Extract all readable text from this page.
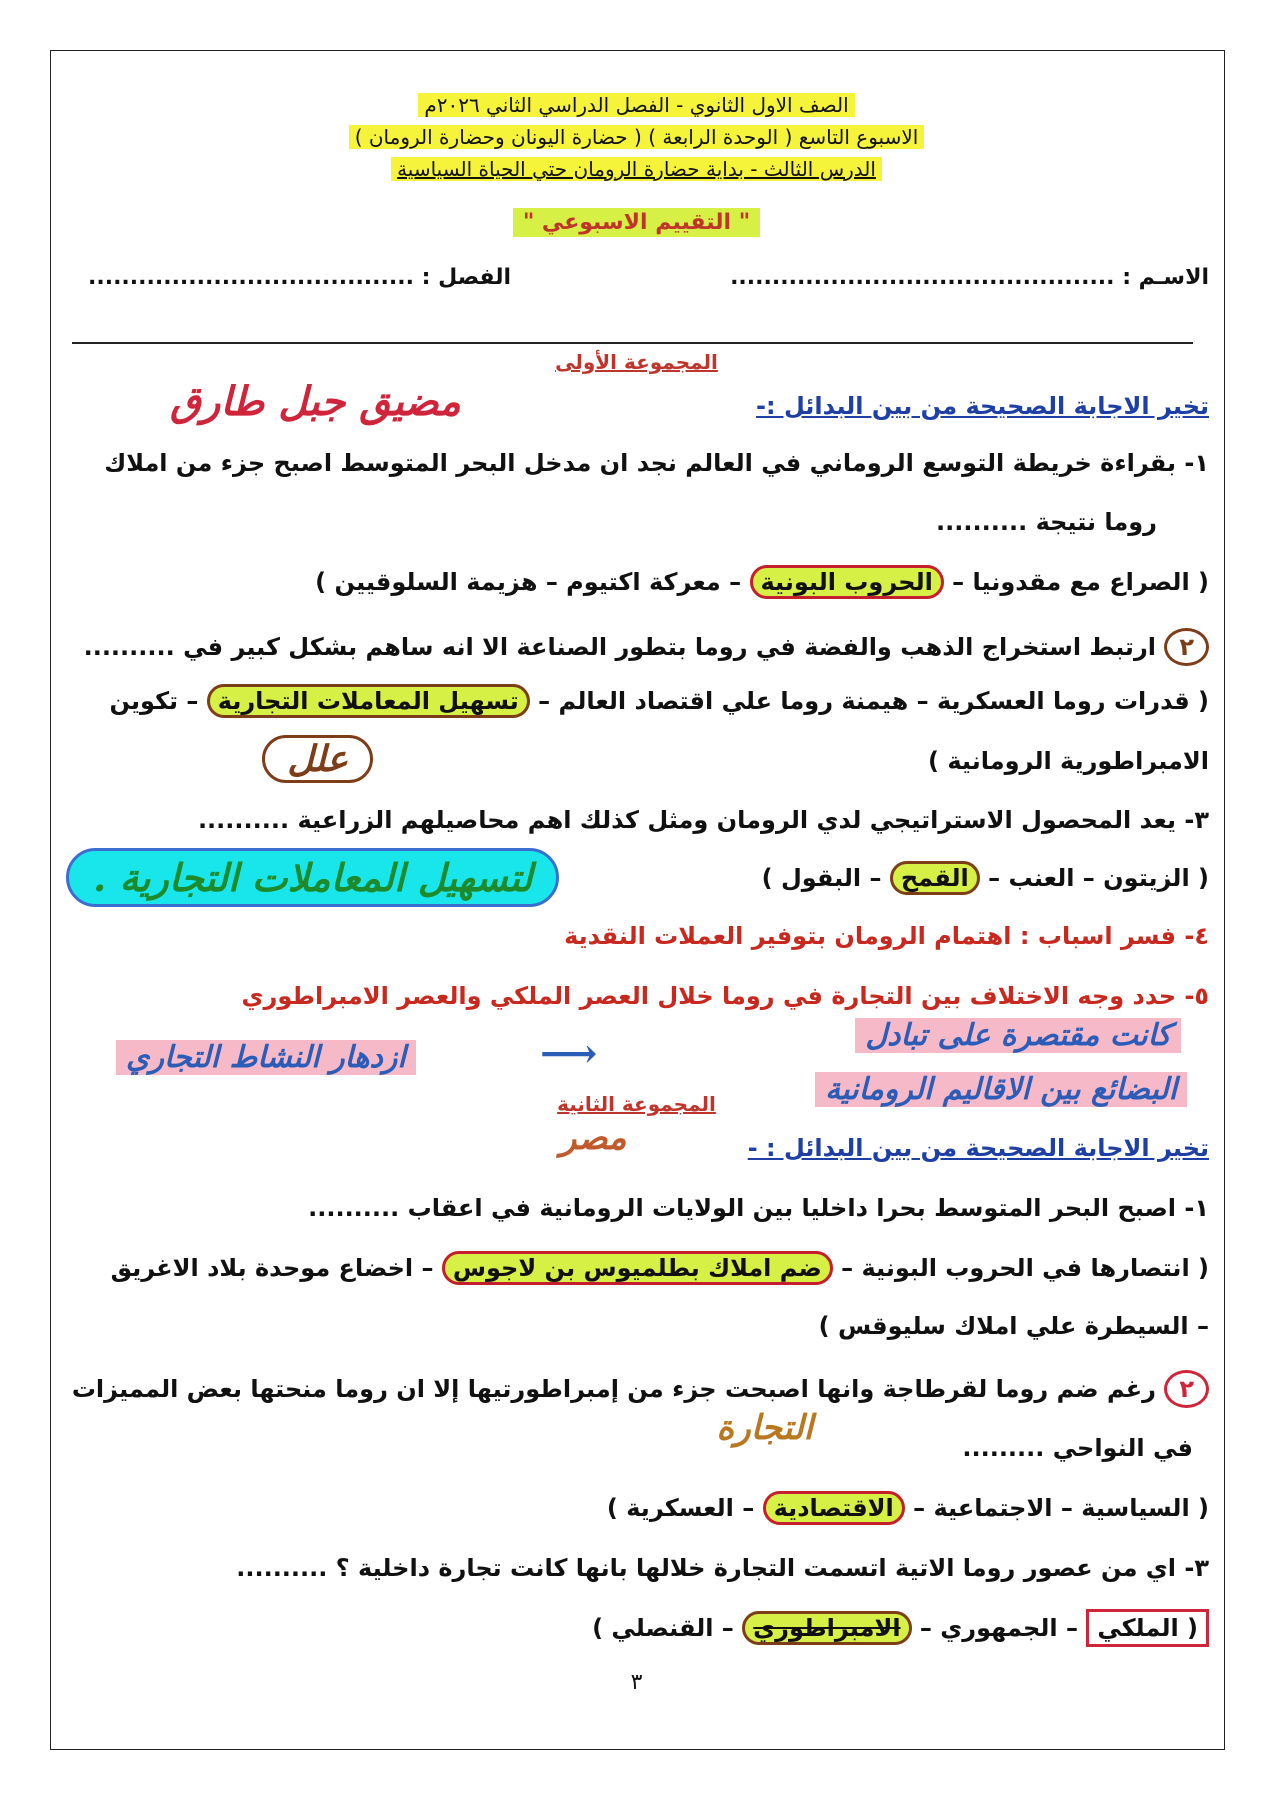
الصف الاول الثانوي - الفصل الدراسي الثاني ٢٠٢٦م
الاسبوع التاسع ( الوحدة الرابعة ) ( حضارة اليونان وحضارة الرومان )
الدرس الثالث - بداية حضارة الرومان حتي الحياة السياسية
" التقييم الاسبوعي "
الاسـم : ..............................................
الفصل : .......................................
المجموعة الأولى
تخير الاجابة الصحيحة من بين البدائل :-
مضيق جبل طارق
١- بقراءة خريطة التوسع الروماني في العالم نجد ان مدخل البحر المتوسط اصبح جزء من املاك
روما نتيجة ..........
( الصراع مع مقدونيا – الحروب البونية – معركة اكتيوم – هزيمة السلوقيين )
٢ ارتبط استخراج الذهب والفضة في روما بتطور الصناعة الا انه ساهم بشكل كبير في ..........
( قدرات روما العسكرية – هيمنة روما علي اقتصاد العالم – تسهيل المعاملات التجارية – تكوين
الامبراطورية الرومانية )
علل
٣- يعد المحصول الاستراتيجي لدي الرومان ومثل كذلك اهم محاصيلهم الزراعية ..........
( الزيتون – العنب – القمح – البقول )
لتسهيل المعاملات التجارية .
٤- فسر اسباب : اهتمام الرومان بتوفير العملات النقدية
٥- حدد وجه الاختلاف بين التجارة في روما خلال العصر الملكي والعصر الامبراطوري
كانت مقتصرة على تبادل
البضائع بين الاقاليم الرومانية
ازدهار النشاط التجاري	⟶
المجموعة الثانية
مصر	تخير الاجابة الصحيحة من بين البدائل : -
١- اصبح البحر المتوسط بحرا داخليا بين الولايات الرومانية في اعقاب ..........
( انتصارها في الحروب البونية – ضم املاك بطلميوس بن لاجوس – اخضاع موحدة بلاد الاغريق
– السيطرة علي املاك سليوقس )
٢ رغم ضم روما لقرطاجة وانها اصبحت جزء من إمبراطورتيها إلا ان روما منحتها بعض المميزات
في النواحي .........
التجارة
( السياسية – الاجتماعية – الاقتصادية – العسكرية )
٣- اي من عصور روما الاتية اتسمت التجارة خلالها بانها كانت تجارة داخلية ؟ ..........
( الملكي – الجمهوري – الامبراطوري – القنصلي )
٣
